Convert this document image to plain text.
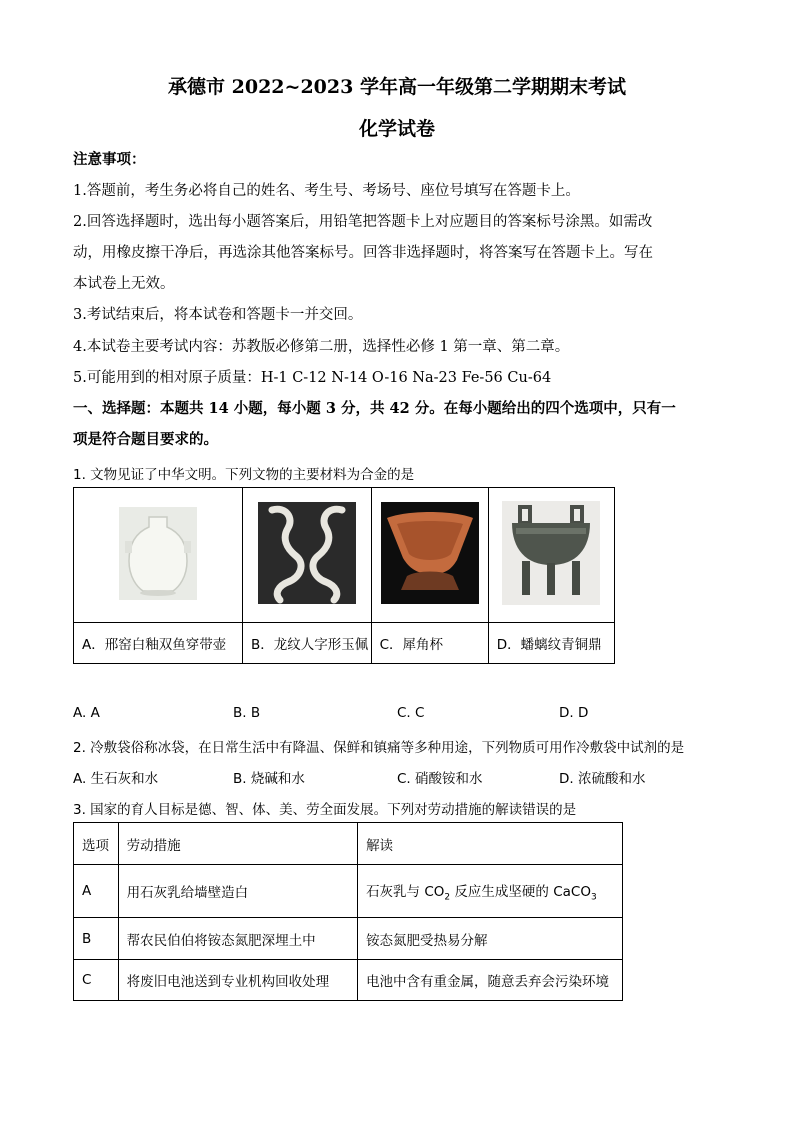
承德市 2022~2023 学年高一年级第二学期期末考试
化学试卷
注意事项：
1.答题前，考生务必将自己的姓名、考生号、考场号、座位号填写在答题卡上。
2.回答选择题时，选出每小题答案后，用铅笔把答题卡上对应题目的答案标号涂黑。如需改
动，用橡皮擦干净后，再选涂其他答案标号。回答非选择题时，将答案写在答题卡上。写在
本试卷上无效。
3.考试结束后，将本试卷和答题卡一并交回。
4.本试卷主要考试内容：苏教版必修第二册，选择性必修 1 第一章、第二章。
5.可能用到的相对原子质量：H-1 C-12 N-14 O-16 Na-23 Fe-56 Cu-64
一、选择题：本题共 14 小题，每小题 3 分，共 42 分。在每小题给出的四个选项中，只有一
项是符合题目要求的。
1. 文物见证了中华文明。下列文物的主要材料为合金的是

A．邢窑白釉双鱼穿带壶	B．龙纹人字形玉佩	C．犀角杯	D．蟠螭纹青铜鼎
A. A	B. B	C. C	D. D
2. 冷敷袋俗称冰袋，在日常生活中有降温、保鲜和镇痛等多种用途，下列物质可用作冷敷袋中试剂的是
A. 生石灰和水	B. 烧碱和水	C. 硝酸铵和水	D. 浓硫酸和水
3. 国家的育人目标是德、智、体、美、劳全面发展。下列对劳动措施的解读错误的是
选项	劳动措施	解读
A	用石灰乳给墙壁造白	石灰乳与 $CO_2$ 反应生成坚硬的 CaCO$_3$
B	帮农民伯伯将铵态氮肥深埋土中	铵态氮肥受热易分解
C	将废旧电池送到专业机构回收处理	电池中含有重金属，随意丢弃会污染环境
